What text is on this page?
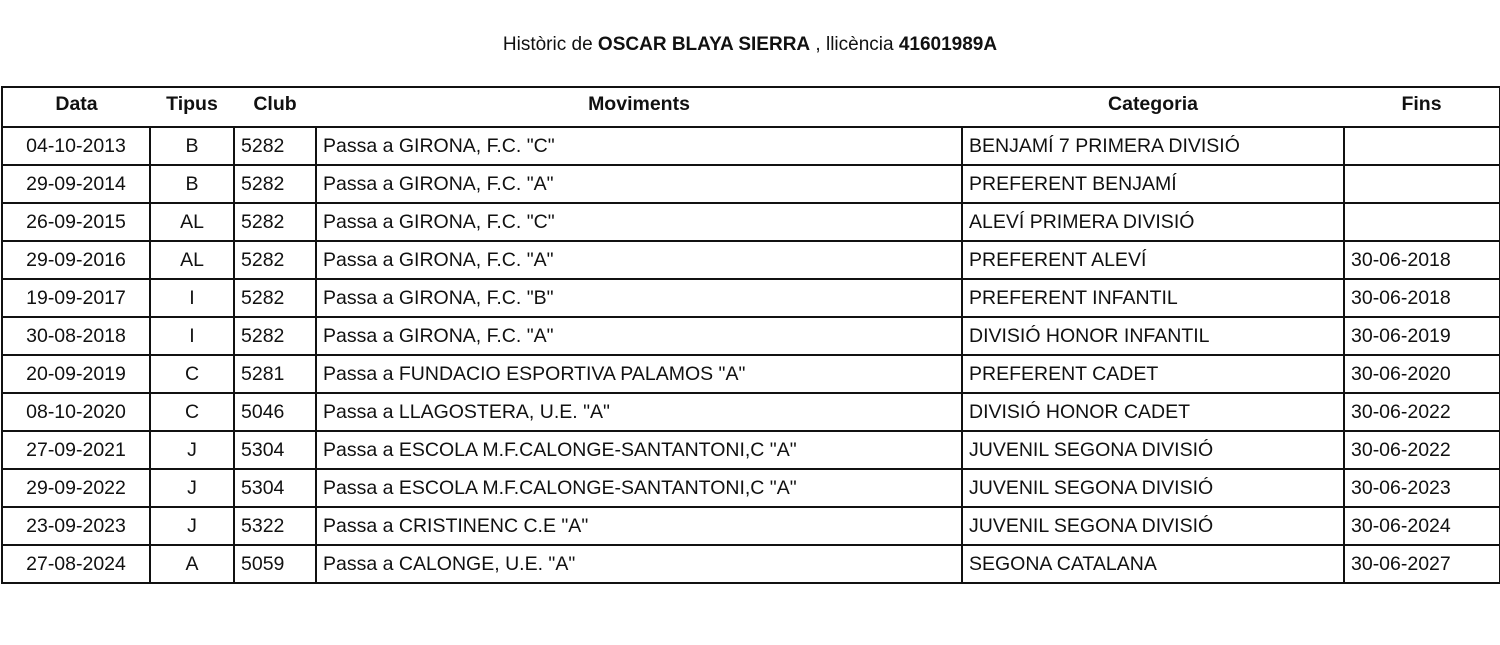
Històric de OSCAR BLAYA SIERRA , llicència 41601989A
Data	Tipus	Club	Moviments	Categoria	Fins
04-10-2013	B	5282	Passa a GIRONA, F.C. "C"	BENJAMÍ 7 PRIMERA DIVISIÓ	
29-09-2014	B	5282	Passa a GIRONA, F.C. "A"	PREFERENT BENJAMÍ	
26-09-2015	AL	5282	Passa a GIRONA, F.C. "C"	ALEVÍ PRIMERA DIVISIÓ	
29-09-2016	AL	5282	Passa a GIRONA, F.C. "A"	PREFERENT ALEVÍ	30-06-2018
19-09-2017	I	5282	Passa a GIRONA, F.C. "B"	PREFERENT INFANTIL	30-06-2018
30-08-2018	I	5282	Passa a GIRONA, F.C. "A"	DIVISIÓ HONOR INFANTIL	30-06-2019
20-09-2019	C	5281	Passa a FUNDACIO ESPORTIVA PALAMOS "A"	PREFERENT CADET	30-06-2020
08-10-2020	C	5046	Passa a LLAGOSTERA, U.E. "A"	DIVISIÓ HONOR CADET	30-06-2022
27-09-2021	J	5304	Passa a ESCOLA M.F.CALONGE-SANTANTONI,C "A"	JUVENIL SEGONA DIVISIÓ	30-06-2022
29-09-2022	J	5304	Passa a ESCOLA M.F.CALONGE-SANTANTONI,C "A"	JUVENIL SEGONA DIVISIÓ	30-06-2023
23-09-2023	J	5322	Passa a CRISTINENC C.E "A"	JUVENIL SEGONA DIVISIÓ	30-06-2024
27-08-2024	A	5059	Passa a CALONGE, U.E. "A"	SEGONA CATALANA	30-06-2027
